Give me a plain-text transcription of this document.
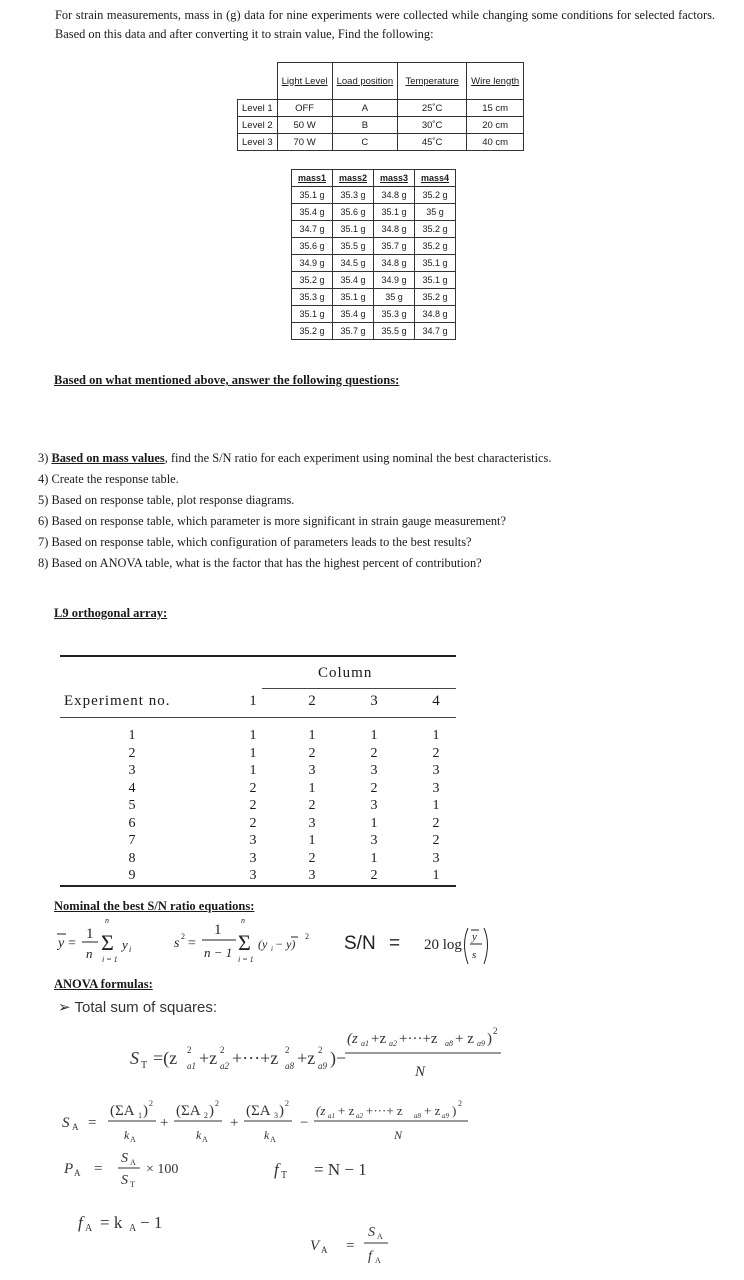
For strain measurements, mass in (g) data for nine experiments were collected while changing some conditions for selected factors. Based on this data and after converting it to strain value, Find the following:
	Light Level	Load position	Temperature	Wire length
Level 1	OFF	A	25˚C	15 cm
Level 2	50 W	B	30˚C	20 cm
Level 3	70 W	C	45˚C	40 cm
mass1	mass2	mass3	mass4
35.1 g	35.3 g	34.8 g	35.2 g
35.4 g	35.6 g	35.1 g	35 g
34.7 g	35.1 g	34.8 g	35.2 g
35.6 g	35.5 g	35.7 g	35.2 g
34.9 g	34.5 g	34.8 g	35.1 g
35.2 g	35.4 g	34.9 g	35.1 g
35.3 g	35.1 g	35 g	35.2 g
35.1 g	35.4 g	35.3 g	34.8 g
35.2 g	35.7 g	35.5 g	34.7 g
Based on what mentioned above, answer the following questions:
3) Based on mass values, find the S/N ratio for each experiment using nominal the best characteristics.
4) Create the response table.
5) Based on response table, plot response diagrams.
6) Based on response table, which parameter is more significant in strain gauge measurement?
7) Based on response table, which configuration of parameters leads to the best results?
8) Based on ANOVA table, what is the factor that has the highest percent of contribution?
L9 orthogonal array:
Column
Experiment no.	1	2	3	4
1	1	1	1	1
2	1	2	2	2
3	1	3	3	3
4	2	1	2	3
5	2	2	3	1
6	2	3	1	2
7	3	1	3	2
8	3	2	1	3
9	3	3	2	1
Nominal the best S/N ratio equations:
y =
1
n
n
Σ
i = 1
y i	s 2 =
1
n − 1
n
Σ
i = 1
(y i − y)
2 S/N = 20 log y
s
ANOVA formulas:
➢ Total sum of squares:
S T =(z 2
a1 +z 2
a2 +···+z 2
a8 +z 2
a9 )−
(z a1 +z a2 +···+z a8 + z a9 ) 2
N
S A =
(ΣA 1 ) 2
k A
+
(ΣA 2 ) 2
k A
+
(ΣA 3 ) 2
k A
−
(z a1 + z a2 +···+ z a8 + z a9 ) 2
N
P A =
S A
S T
× 100	f T = N − 1
f A = k A − 1
V A =
S A
f A
